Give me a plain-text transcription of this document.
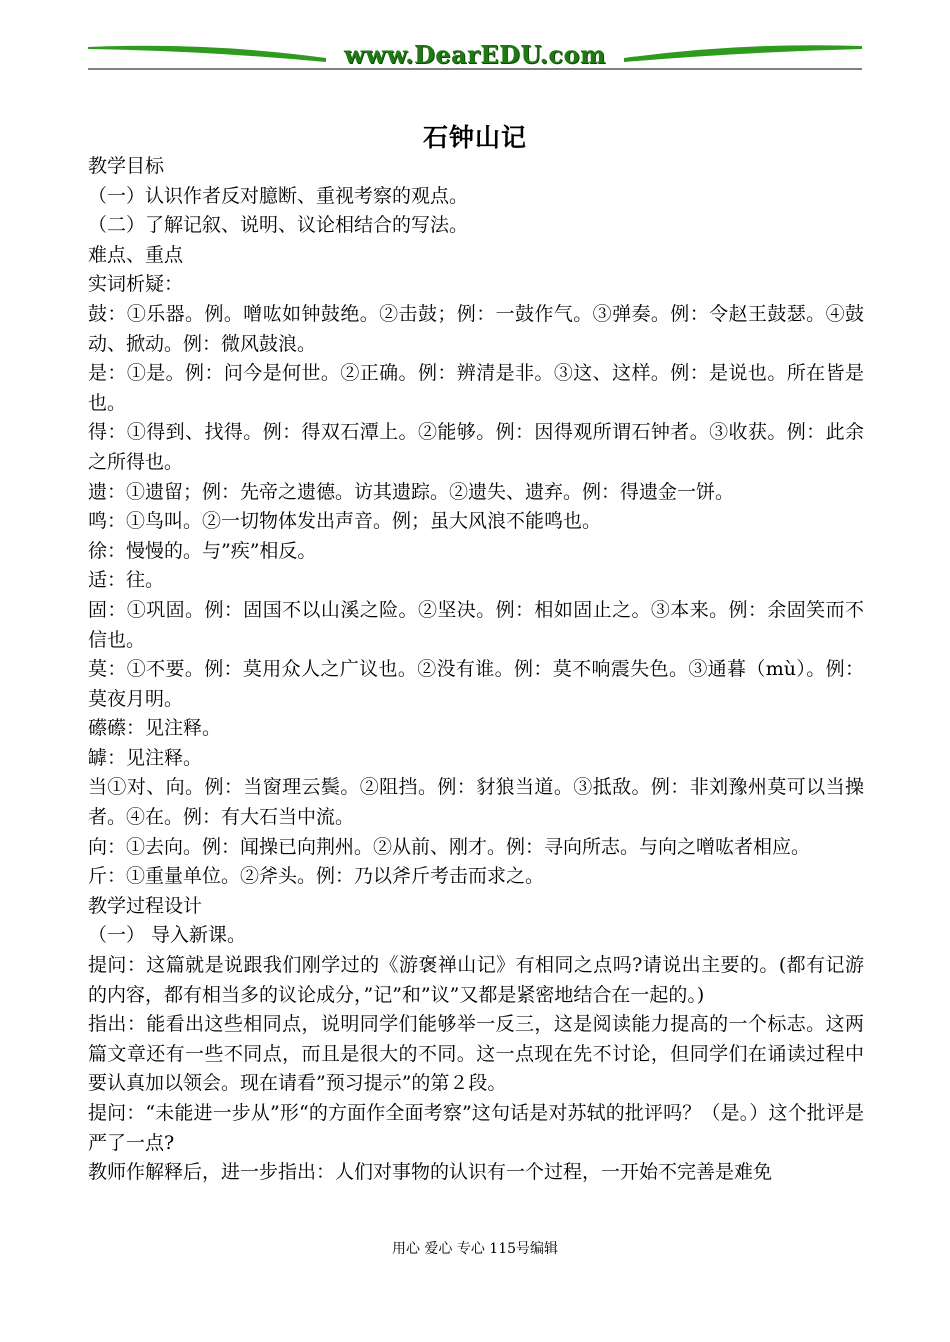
www.DearEDU.com
石钟山记

教学目标

（一）认识作者反对臆断、重视考察的观点。

（二）了解记叙、说明、议论相结合的写法。

难点、重点

实词析疑：

鼓：①乐器。例。噌吰如钟鼓绝。②击鼓；例：一鼓作气。③弹奏。例：令赵王鼓瑟。④鼓动、掀动。例：微风鼓浪。

是：①是。例：问今是何世。②正确。例：辨清是非。③这、这样。例：是说也。所在皆是也。

得：①得到、找得。例：得双石潭上。②能够。例：因得观所谓石钟者。③收获。例：此余之所得也。

遗：①遗留；例：先帝之遗德。访其遗踪。②遗失、遗弃。例：得遗金一饼。

鸣：①鸟叫。②一切物体发出声音。例；虽大风浪不能鸣也。

徐：慢慢的。与”疾”相反。

适：往。

固：①巩固。例：固国不以山溪之险。②坚决。例：相如固止之。③本来。例：余固笑而不信也。

莫：①不要。例：莫用众人之广议也。②没有谁。例：莫不响震失色。③通暮（mù）。例：莫夜月明。

礤礤：见注释。

罅：见注释。

当①对、向。例：当窗理云鬓。②阻挡。例：豺狼当道。③抵敌。例：非刘豫州莫可以当操者。④在。例：有大石当中流。

向：①去向。例：闻操已向荆州。②从前、刚才。例：寻向所志。与向之噌吰者相应。

斤：①重量单位。②斧头。例：乃以斧斤考击而求之。

教学过程设计

（一） 导入新课。

提问：这篇就是说跟我们刚学过的《游褒禅山记》有相同之点吗?请说出主要的。(都有记游的内容，都有相当多的议论成分，”记”和”议”又都是紧密地结合在一起的。)

指出：能看出这些相同点，说明同学们能够举一反三，这是阅读能力提高的一个标志。这两篇文章还有一些不同点，而且是很大的不同。这一点现在先不讨论，但同学们在诵读过程中要认真加以领会。现在请看”预习提示”的第２段。

提问：“未能进一步从”形“的方面作全面考察”这句话是对苏轼的批评吗？（是。）这个批评是严了一点?

教师作解释后，进一步指出：人们对事物的认识有一个过程，一开始不完善是难免

用心 爱心 专心 115号编辑
